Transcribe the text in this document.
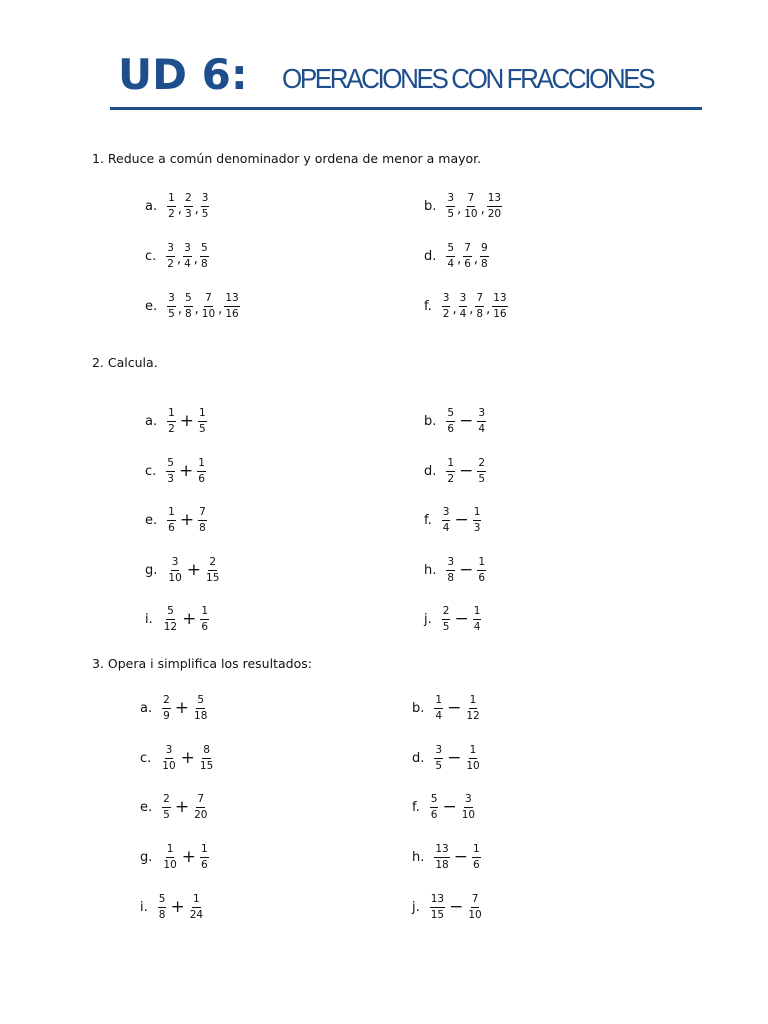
UD 6: OPERACIONES CON FRACCIONES
1. Reduce a común denominador y ordena de menor a mayor.
2. Calcula.
3. Opera i simplifica los resultados:
a. $\frac{1}{2}$ , $\frac{2}{3}$ , $\frac{3}{5}$	b. $\frac{3}{5}$ , $\frac{7}{10}$ , $\frac{13}{20}$
c. $\frac{3}{2}$ , $\frac{3}{4}$ , $\frac{5}{8}$	d. $\frac{5}{4}$ , $\frac{7}{6}$ , $\frac{9}{8}$
e. $\frac{3}{5}$ , $\frac{5}{8}$ , $\frac{7}{10}$ , $\frac{13}{16}$	f. $\frac{3}{2}$ , $\frac{3}{4}$ , $\frac{7}{8}$ , $\frac{13}{16}$
a. $\frac{1}{2} + \frac{1}{5}$	b. $\frac{5}{6} - \frac{3}{4}$
c. $\frac{5}{3} + \frac{1}{6}$	d. $\frac{1}{2} - \frac{2}{5}$
e. $\frac{1}{6} + \frac{7}{8}$	f. $\frac{3}{4} - \frac{1}{3}$
g. $\frac{3}{10} + \frac{2}{15}$	h. $\frac{3}{8} - \frac{1}{6}$
i. $\frac{5}{12} + \frac{1}{6}$	j. $\frac{2}{5} - \frac{1}{4}$
a. $\frac{2}{9} + \frac{5}{18}$	b. $\frac{1}{4} - \frac{1}{12}$
c. $\frac{3}{10} + \frac{8}{15}$	d. $\frac{3}{5} - \frac{1}{10}$
e. $\frac{2}{5} + \frac{7}{20}$	f. $\frac{5}{6} - \frac{3}{10}$
g. $\frac{1}{10} + \frac{1}{6}$	h. $\frac{13}{18} - \frac{1}{6}$
i. $\frac{5}{8} + \frac{1}{24}$	j. $\frac{13}{15} - \frac{7}{10}$
